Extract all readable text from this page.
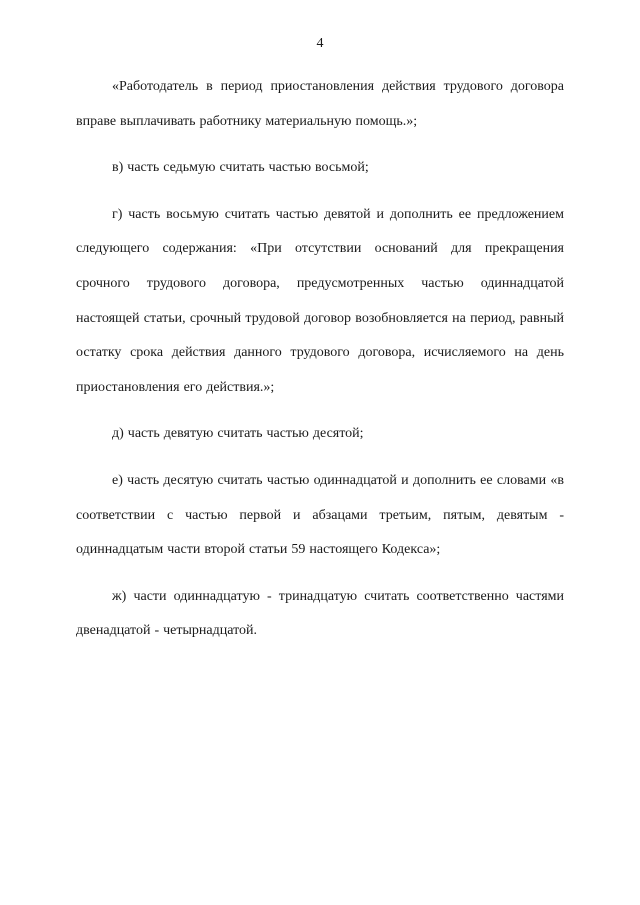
4

«Работодатель в период приостановления действия трудового договора вправе выплачивать работнику материальную помощь.»;

в) часть седьмую считать частью восьмой;

г) часть восьмую считать частью девятой и дополнить ее предложением следующего содержания: «При отсутствии оснований для прекращения срочного трудового договора, предусмотренных частью одиннадцатой настоящей статьи, срочный трудовой договор возобновляется на период, равный остатку срока действия данного трудового договора, исчисляемого на день приостановления его действия.»;

д) часть девятую считать частью десятой;

е) часть десятую считать частью одиннадцатой и дополнить ее словами «в соответствии с частью первой и абзацами третьим, пятым, девятым - одиннадцатым части второй статьи 59 настоящего Кодекса»;

ж) части одиннадцатую - тринадцатую считать соответственно частями двенадцатой - четырнадцатой.
